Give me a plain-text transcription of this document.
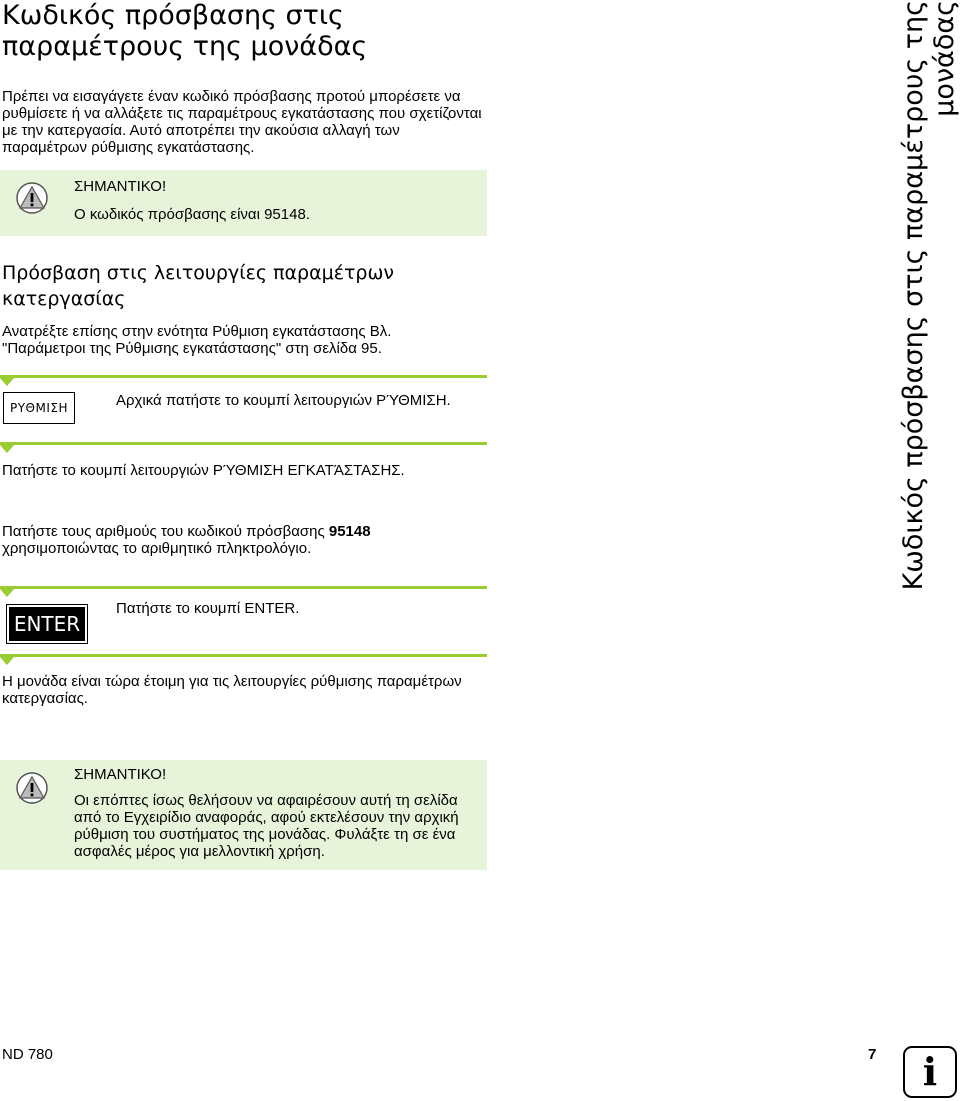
Κωδικός πρόσβασης στις
παραμέτρους της μονάδας
Πρέπει να εισαγάγετε έναν κωδικό πρόσβασης προτού μπορέσετε να ρυθμίσετε ή να αλλάξετε τις παραμέτρους εγκατάστασης που σχετίζονται με την κατεργασία. Αυτό αποτρέπει την ακούσια αλλαγή των παραμέτρων ρύθμισης εγκατάστασης.
ΣΗΜΑΝΤΙΚΟ!
Ο κωδικός πρόσβασης είναι 95148.
Πρόσβαση στις λειτουργίες παραμέτρων
κατεργασίας
Ανατρέξτε επίσης στην ενότητα Ρύθμιση εγκατάστασης Βλ.
"Παράμετροι της Ρύθμισης εγκατάστασης" στη σελίδα 95.
ΡΥΘΜΙΣΗ	Αρχικά πατήστε το κουμπί λειτουργιών ΡΎΘΜΙΣΗ.
Πατήστε το κουμπί λειτουργιών ΡΎΘΜΙΣΗ ΕΓΚΑΤΆΣΤΑΣΗΣ.
Πατήστε τους αριθμούς του κωδικού πρόσβασης 95148
χρησιμοποιώντας το αριθμητικό πληκτρολόγιο.
ENTER
Πατήστε το κουμπί ENTER.
Η μονάδα είναι τώρα έτοιμη για τις λειτουργίες ρύθμισης παραμέτρων
κατεργασίας.
ΣΗΜΑΝΤΙΚΟ!
Οι επόπτες ίσως θελήσουν να αφαιρέσουν αυτή τη σελίδα
από το Εγχειρίδιο αναφοράς, αφού εκτελέσουν την αρχική
ρύθμιση του συστήματος της μονάδας. Φυλάξτε τη σε ένα
ασφαλές μέρος για μελλοντική χρήση.
Κωδικός πρόσβασης στις παραμέτρους της μονάδας
ND 780	7 i
